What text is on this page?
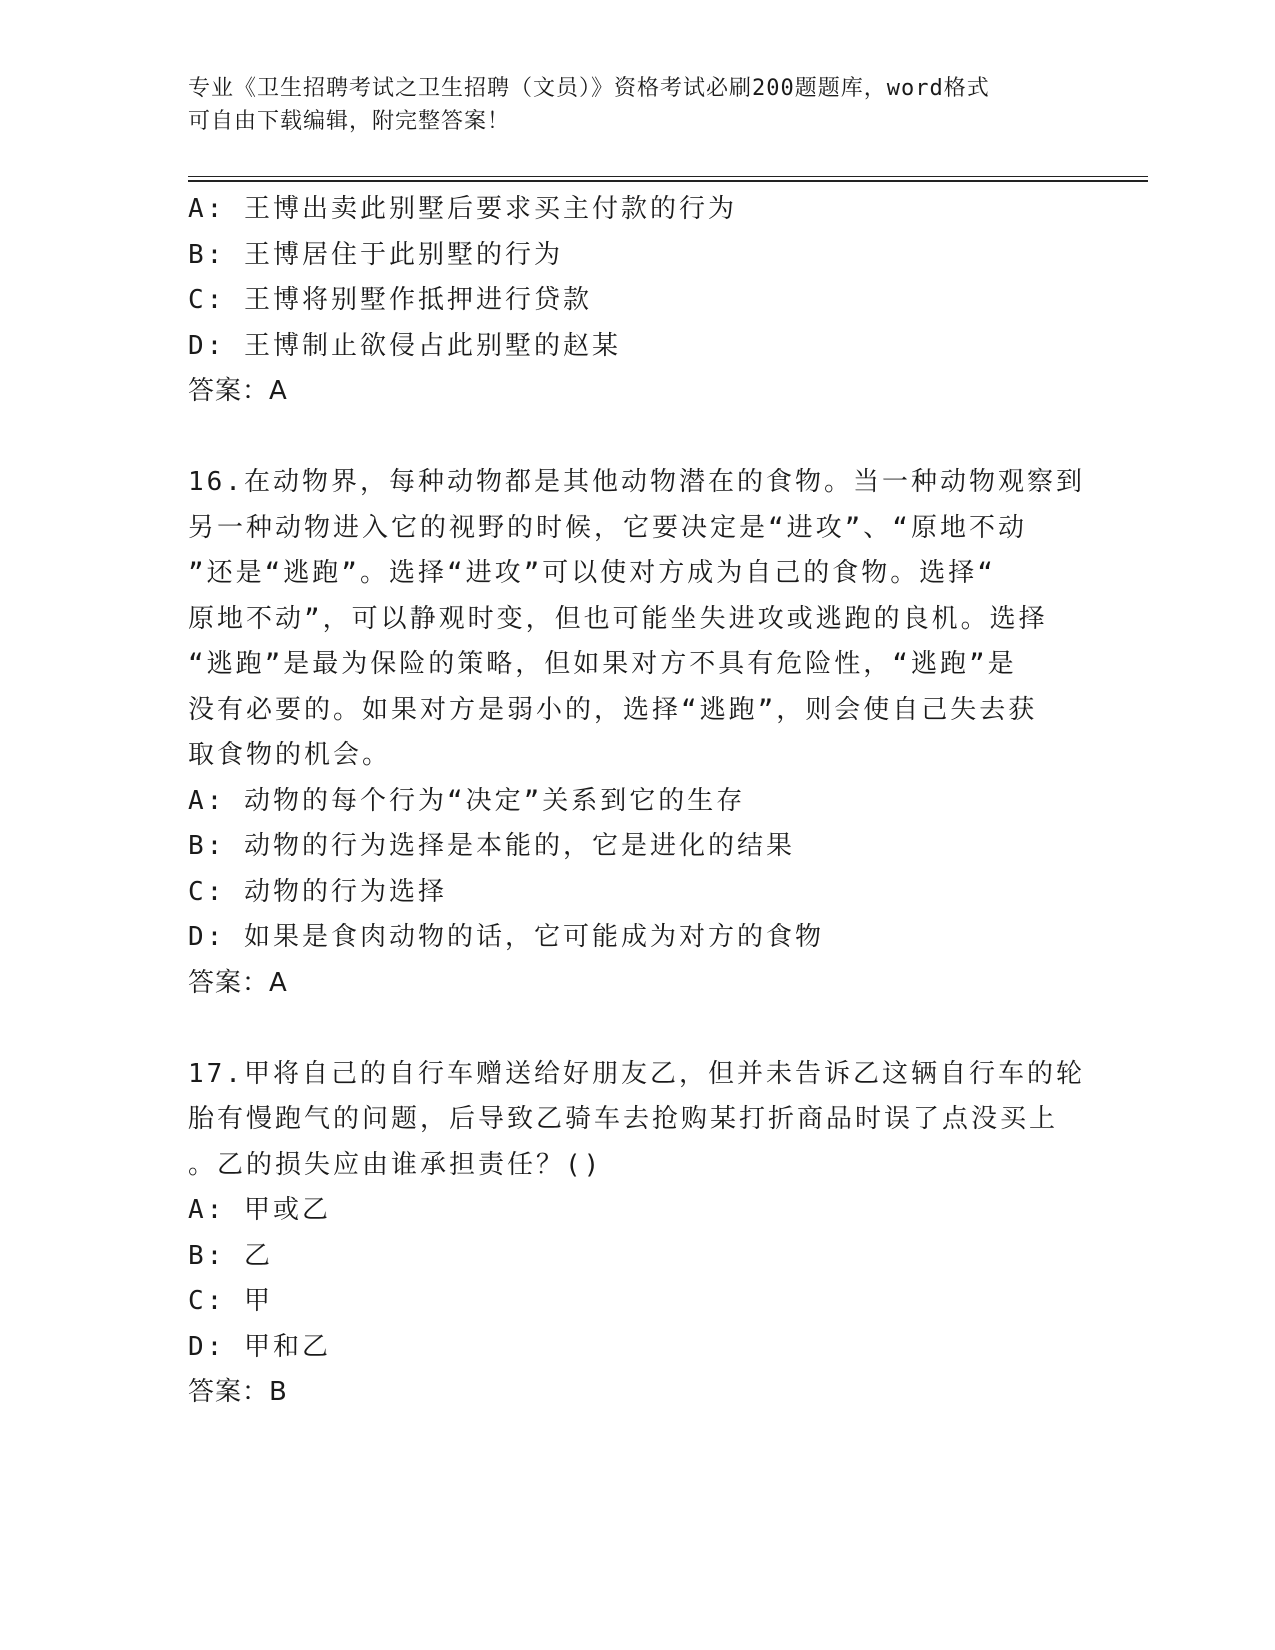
专业《卫生招聘考试之卫生招聘（文员）》资格考试必刷200题题库，word格式
可自由下载编辑，附完整答案！
A: 王博出卖此别墅后要求买主付款的行为
B: 王博居住于此别墅的行为
C: 王博将别墅作抵押进行贷款
D: 王博制止欲侵占此别墅的赵某
答案：A
16.在动物界，每种动物都是其他动物潜在的食物。当一种动物观察到
另一种动物进入它的视野的时候，它要决定是“进攻”、“原地不动
”还是“逃跑”。选择“进攻”可以使对方成为自己的食物。选择“
原地不动”，可以静观时变，但也可能坐失进攻或逃跑的良机。选择
“逃跑”是最为保险的策略，但如果对方不具有危险性，“逃跑”是
没有必要的。如果对方是弱小的，选择“逃跑”，则会使自己失去获
取食物的机会。
A: 动物的每个行为“决定”关系到它的生存
B: 动物的行为选择是本能的，它是进化的结果
C: 动物的行为选择
D: 如果是食肉动物的话，它可能成为对方的食物
答案：A
17.甲将自己的自行车赠送给好朋友乙，但并未告诉乙这辆自行车的轮
胎有慢跑气的问题，后导致乙骑车去抢购某打折商品时误了点没买上
。乙的损失应由谁承担责任？()
A: 甲或乙
B: 乙
C: 甲
D: 甲和乙
答案：B
